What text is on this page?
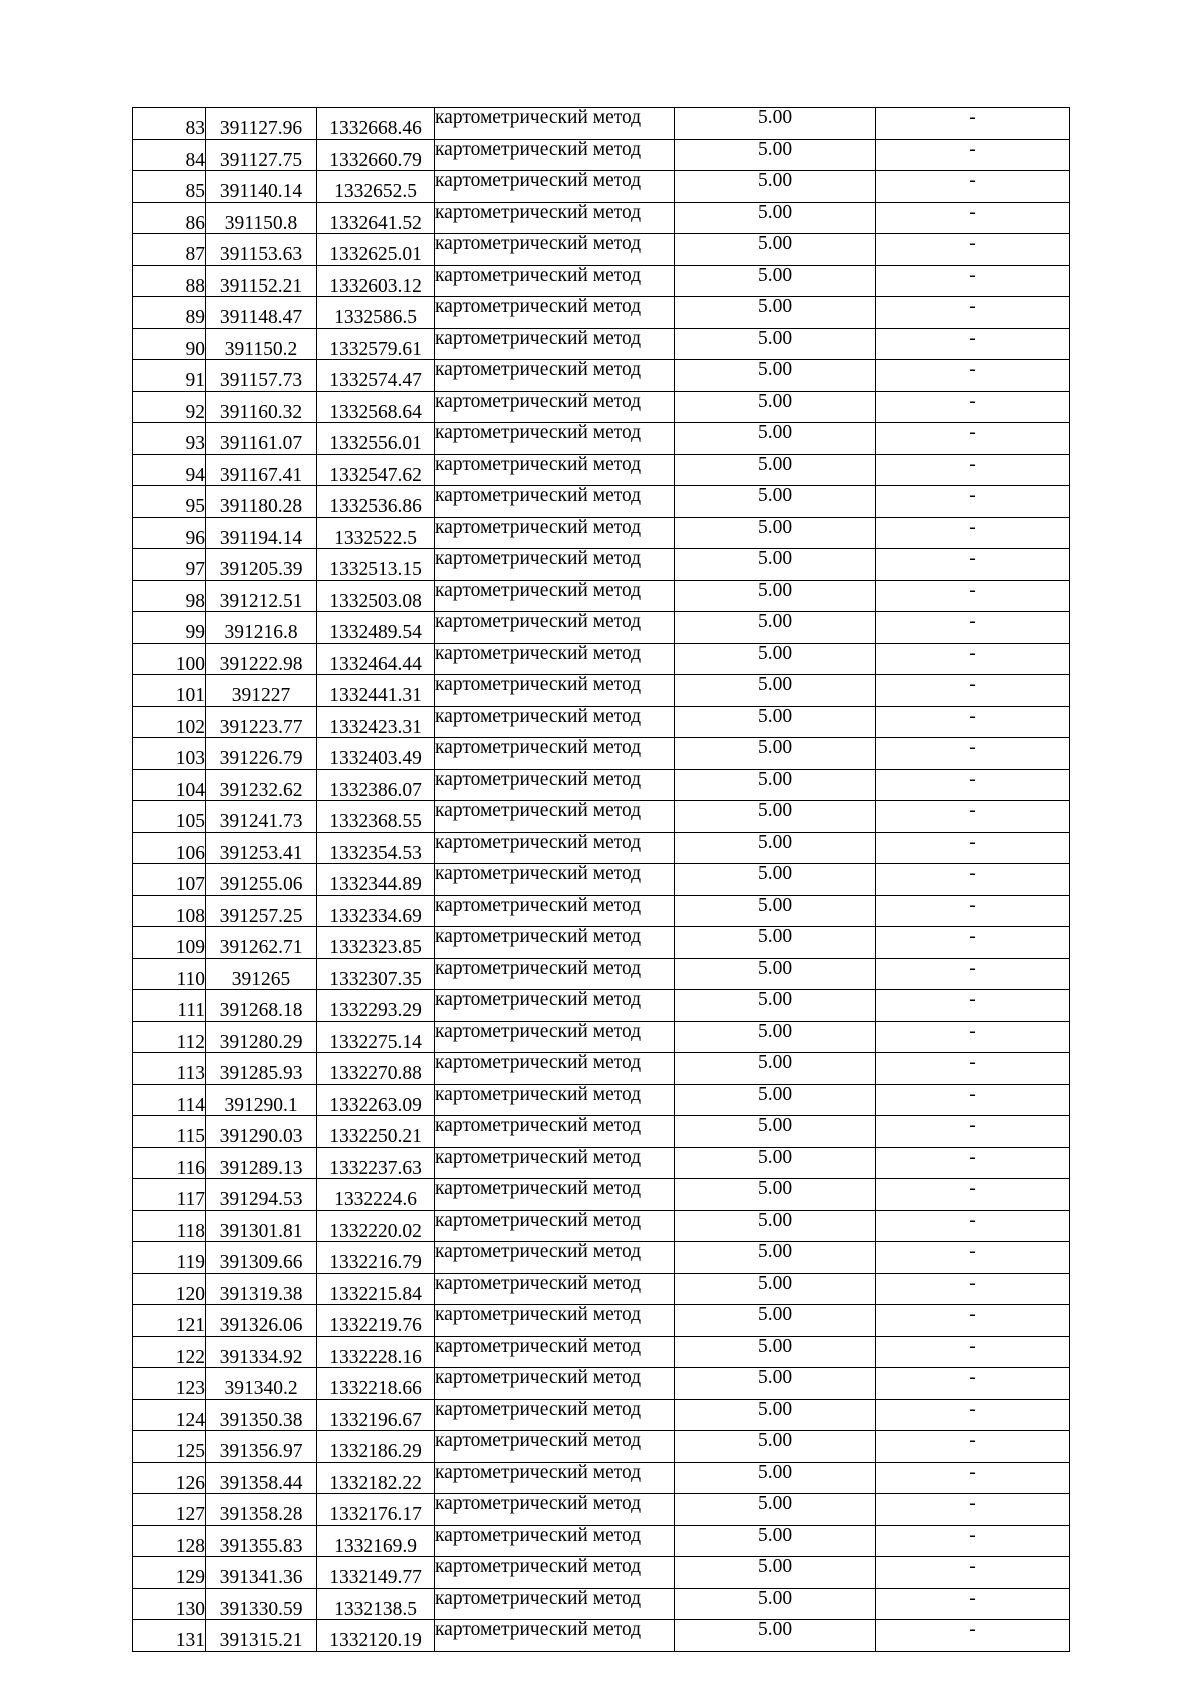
83	391127.96	1332668.46	картометрический метод	5.00	-
84	391127.75	1332660.79	картометрический метод	5.00	-
85	391140.14	1332652.5	картометрический метод	5.00	-
86	391150.8	1332641.52	картометрический метод	5.00	-
87	391153.63	1332625.01	картометрический метод	5.00	-
88	391152.21	1332603.12	картометрический метод	5.00	-
89	391148.47	1332586.5	картометрический метод	5.00	-
90	391150.2	1332579.61	картометрический метод	5.00	-
91	391157.73	1332574.47	картометрический метод	5.00	-
92	391160.32	1332568.64	картометрический метод	5.00	-
93	391161.07	1332556.01	картометрический метод	5.00	-
94	391167.41	1332547.62	картометрический метод	5.00	-
95	391180.28	1332536.86	картометрический метод	5.00	-
96	391194.14	1332522.5	картометрический метод	5.00	-
97	391205.39	1332513.15	картометрический метод	5.00	-
98	391212.51	1332503.08	картометрический метод	5.00	-
99	391216.8	1332489.54	картометрический метод	5.00	-
100	391222.98	1332464.44	картометрический метод	5.00	-
101	391227	1332441.31	картометрический метод	5.00	-
102	391223.77	1332423.31	картометрический метод	5.00	-
103	391226.79	1332403.49	картометрический метод	5.00	-
104	391232.62	1332386.07	картометрический метод	5.00	-
105	391241.73	1332368.55	картометрический метод	5.00	-
106	391253.41	1332354.53	картометрический метод	5.00	-
107	391255.06	1332344.89	картометрический метод	5.00	-
108	391257.25	1332334.69	картометрический метод	5.00	-
109	391262.71	1332323.85	картометрический метод	5.00	-
110	391265	1332307.35	картометрический метод	5.00	-
111	391268.18	1332293.29	картометрический метод	5.00	-
112	391280.29	1332275.14	картометрический метод	5.00	-
113	391285.93	1332270.88	картометрический метод	5.00	-
114	391290.1	1332263.09	картометрический метод	5.00	-
115	391290.03	1332250.21	картометрический метод	5.00	-
116	391289.13	1332237.63	картометрический метод	5.00	-
117	391294.53	1332224.6	картометрический метод	5.00	-
118	391301.81	1332220.02	картометрический метод	5.00	-
119	391309.66	1332216.79	картометрический метод	5.00	-
120	391319.38	1332215.84	картометрический метод	5.00	-
121	391326.06	1332219.76	картометрический метод	5.00	-
122	391334.92	1332228.16	картометрический метод	5.00	-
123	391340.2	1332218.66	картометрический метод	5.00	-
124	391350.38	1332196.67	картометрический метод	5.00	-
125	391356.97	1332186.29	картометрический метод	5.00	-
126	391358.44	1332182.22	картометрический метод	5.00	-
127	391358.28	1332176.17	картометрический метод	5.00	-
128	391355.83	1332169.9	картометрический метод	5.00	-
129	391341.36	1332149.77	картометрический метод	5.00	-
130	391330.59	1332138.5	картометрический метод	5.00	-
131	391315.21	1332120.19	картометрический метод	5.00	-
